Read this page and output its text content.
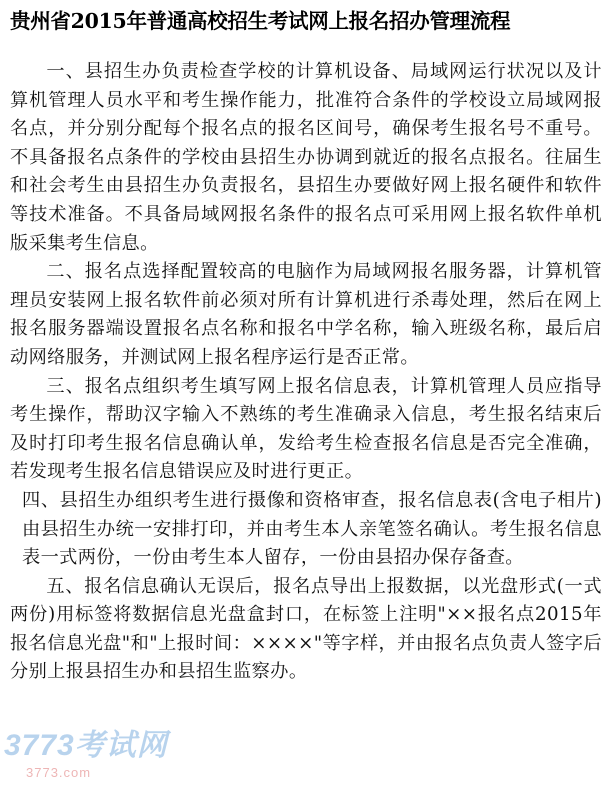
贵州省2015年普通高校招生考试网上报名招办管理流程

一、县招生办负责检查学校的计算机设备、局域网运行状况以及计算机管理人员水平和考生操作能力，批准符合条件的学校设立局域网报名点，并分别分配每个报名点的报名区间号，确保考生报名号不重号。不具备报名点条件的学校由县招生办协调到就近的报名点报名。往届生和社会考生由县招生办负责报名，县招生办要做好网上报名硬件和软件等技术准备。不具备局域网报名条件的报名点可采用网上报名软件单机版采集考生信息。

二、报名点选择配置较高的电脑作为局域网报名服务器，计算机管理员安装网上报名软件前必须对所有计算机进行杀毒处理，然后在网上报名服务器端设置报名点名称和报名中学名称，输入班级名称，最后启动网络服务，并测试网上报名程序运行是否正常。

三、报名点组织考生填写网上报名信息表，计算机管理人员应指导考生操作，帮助汉字输入不熟练的考生准确录入信息，考生报名结束后及时打印考生报名信息确认单，发给考生检查报名信息是否完全准确，若发现考生报名信息错误应及时进行更正。

四、县招生办组织考生进行摄像和资格审查，报名信息表(含电子相片)由县招生办统一安排打印，并由考生本人亲笔签名确认。考生报名信息表一式两份，一份由考生本人留存，一份由县招办保存备查。

五、报名信息确认无误后，报名点导出上报数据，以光盘形式(一式两份)用标签将数据信息光盘盒封口，在标签上注明"××报名点2015年报名信息光盘"和"上报时间：××××"等字样，并由报名点负责人签字后分别上报县招生办和县招生监察办。

3773考试网
3773.com
